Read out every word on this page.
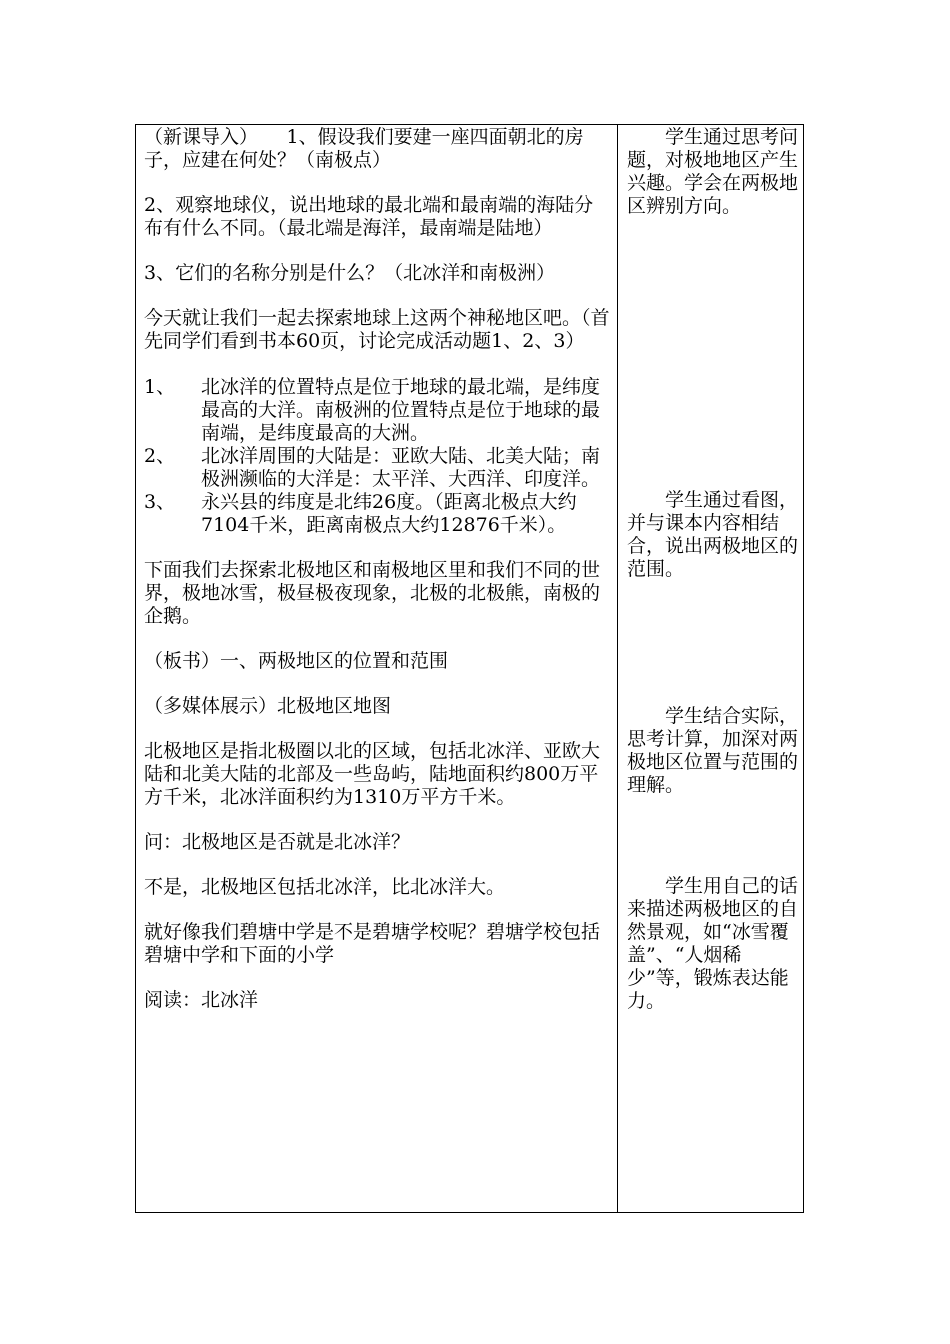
（新课导入）　　1、假设我们要建一座四面朝北的房子，应建在何处？（南极点）

2、观察地球仪，说出地球的最北端和最南端的海陆分布有什么不同。（最北端是海洋，最南端是陆地）

3、它们的名称分别是什么？（北冰洋和南极洲）

今天就让我们一起去探索地球上这两个神秘地区吧。（首先同学们看到书本60页，讨论完成活动题1、2、3）

1、 北冰洋的位置特点是位于地球的最北端，是纬度最高的大洋。南极洲的位置特点是位于地球的最南端，是纬度最高的大洲。
2、 北冰洋周围的大陆是：亚欧大陆、北美大陆；南极洲濒临的大洋是：太平洋、大西洋、印度洋。
3、 永兴县的纬度是北纬26度。（距离北极点大约7104千米，距离南极点大约12876千米）。

下面我们去探索北极地区和南极地区里和我们不同的世界，极地冰雪，极昼极夜现象，北极的北极熊，南极的企鹅。

（板书）一、两极地区的位置和范围

（多媒体展示）北极地区地图

北极地区是指北极圈以北的区域，包括北冰洋、亚欧大陆和北美大陆的北部及一些岛屿，陆地面积约800万平方千米，北冰洋面积约为1310万平方千米。

问：北极地区是否就是北冰洋？

不是，北极地区包括北冰洋，比北冰洋大。

就好像我们碧塘中学是不是碧塘学校呢？碧塘学校包括碧塘中学和下面的小学

阅读：北冰洋

学生通过思考问题，对极地地区产生兴趣。学会在两极地区辨别方向。

学生通过看图，并与课本内容相结合，说出两极地区的范围。

学生结合实际，思考计算，加深对两极地区位置与范围的理解。

学生用自己的话来描述两极地区的自然景观，如“冰雪覆盖”、“人烟稀少”等，锻炼表达能力。
